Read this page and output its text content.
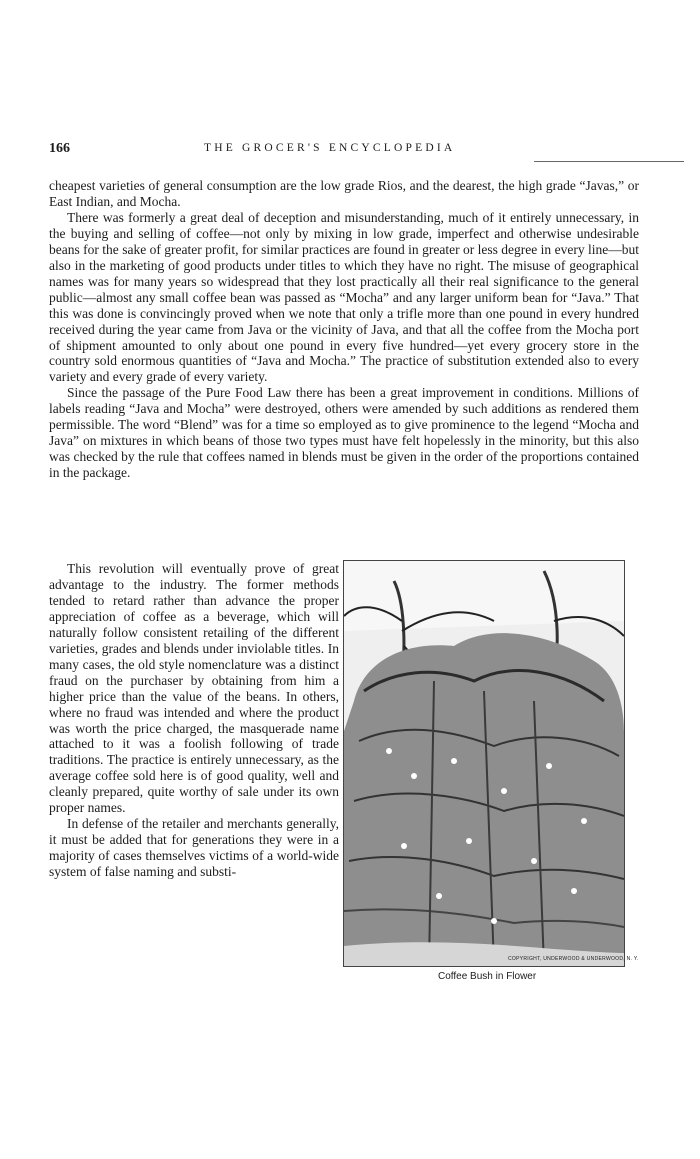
166	THE GROCER'S ENCYCLOPEDIA

cheapest varieties of general consumption are the low grade Rios, and the dearest, the high grade “Javas,” or East Indian, and Mocha.

There was formerly a great deal of deception and misunderstanding, much of it entirely unnecessary, in the buying and selling of coffee—not only by mixing in low grade, imperfect and otherwise undesirable beans for the sake of greater profit, for similar practices are found in greater or less degree in every line—but also in the marketing of good products under titles to which they have no right. The misuse of geographical names was for many years so widespread that they lost practically all their real significance to the general public—almost any small coffee bean was passed as “Mocha” and any larger uniform bean for “Java.” That this was done is convincingly proved when we note that only a trifle more than one pound in every hundred received during the year came from Java or the vicinity of Java, and that all the coffee from the Mocha port of shipment amounted to only about one pound in every five hundred—yet every grocery store in the country sold enormous quantities of “Java and Mocha.” The practice of substitution extended also to every variety and every grade of every variety.

Since the passage of the Pure Food Law there has been a great improvement in conditions. Millions of labels reading “Java and Mocha” were destroyed, others were amended by such additions as rendered them permissible. The word “Blend” was for a time so employed as to give prominence to the legend “Mocha and Java” on mixtures in which beans of those two types must have felt hopelessly in the minority, but this also was checked by the rule that coffees named in blends must be given in the order of the proportions contained in the package.

This revolution will eventually prove of great advantage to the industry. The former methods tended to retard rather than advance the proper appreciation of coffee as a beverage, which will naturally follow consistent retailing of the different varieties, grades and blends under inviolable titles. In many cases, the old style nomenclature was a distinct fraud on the purchaser by obtaining from him a higher price than the value of the beans. In others, where no fraud was intended and where the product was worth the price charged, the masquerade name attached to it was a foolish following of trade traditions. The practice is entirely unnecessary, as the average coffee sold here is of good quality, well and cleanly prepared, quite worthy of sale under its own proper names.

In defense of the retailer and merchants generally, it must be added that for generations they were in a majority of cases themselves victims of a world-wide system of false naming and substi-

COPYRIGHT, UNDERWOOD & UNDERWOOD, N. Y.
Coffee Bush in Flower
